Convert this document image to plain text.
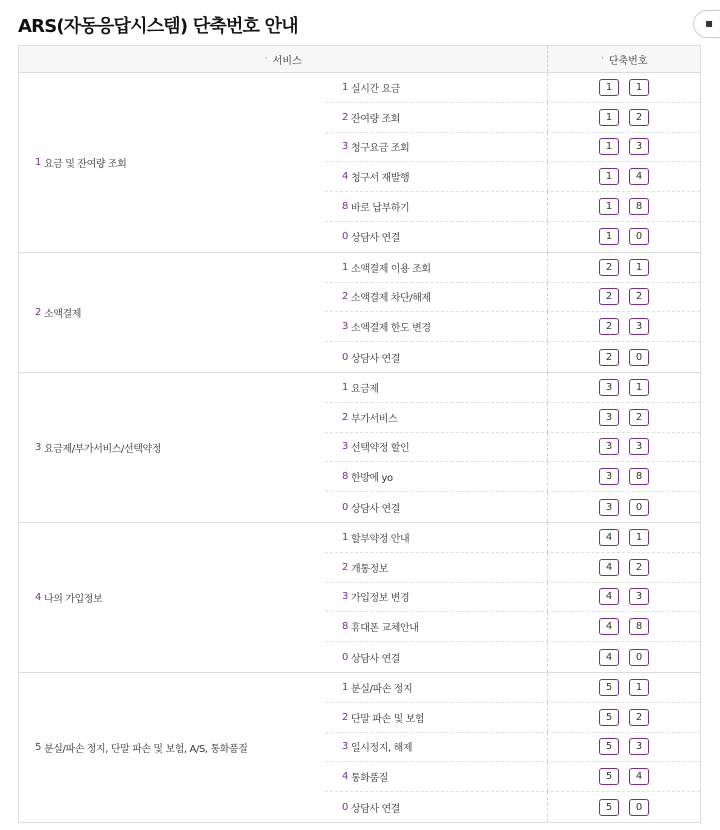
ARS(자동응답시스템) 단축번호 안내	▪
· 서비스	· 단축번호
1 요금 및 잔여량 조회
1 실시간 요금	1	1
2 잔여량 조회	1	2
3 청구요금 조회	1	3
4 청구서 재발행	1	4
8 바로 납부하기	1	8
0 상담사 연결	1	0
2 소액결제
1 소액결제 이용 조회	2	1
2 소액결제 차단/해제	2	2
3 소액결제 한도 변경	2	3
0 상담사 연결	2	0
3 요금제/부가서비스/선택약정
1 요금제	3	1
2 부가서비스	3	2
3 선택약정 할인	3	3
8 한방에 yo	3	8
0 상담사 연결	3	0
4 나의 가입정보
1 할부약정 안내	4	1
2 개통정보	4	2
3 가입정보 변경	4	3
8 휴대폰 교체안내	4	8
0 상담사 연결	4	0
5 분실/파손 정지, 단말 파손 및 보험, A/S, 통화품질
1 분실/파손 정지	5	1
2 단말 파손 및 보험	5	2
3 일시정지, 해제	5	3
4 통화품질	5	4
0 상담사 연결	5	0
